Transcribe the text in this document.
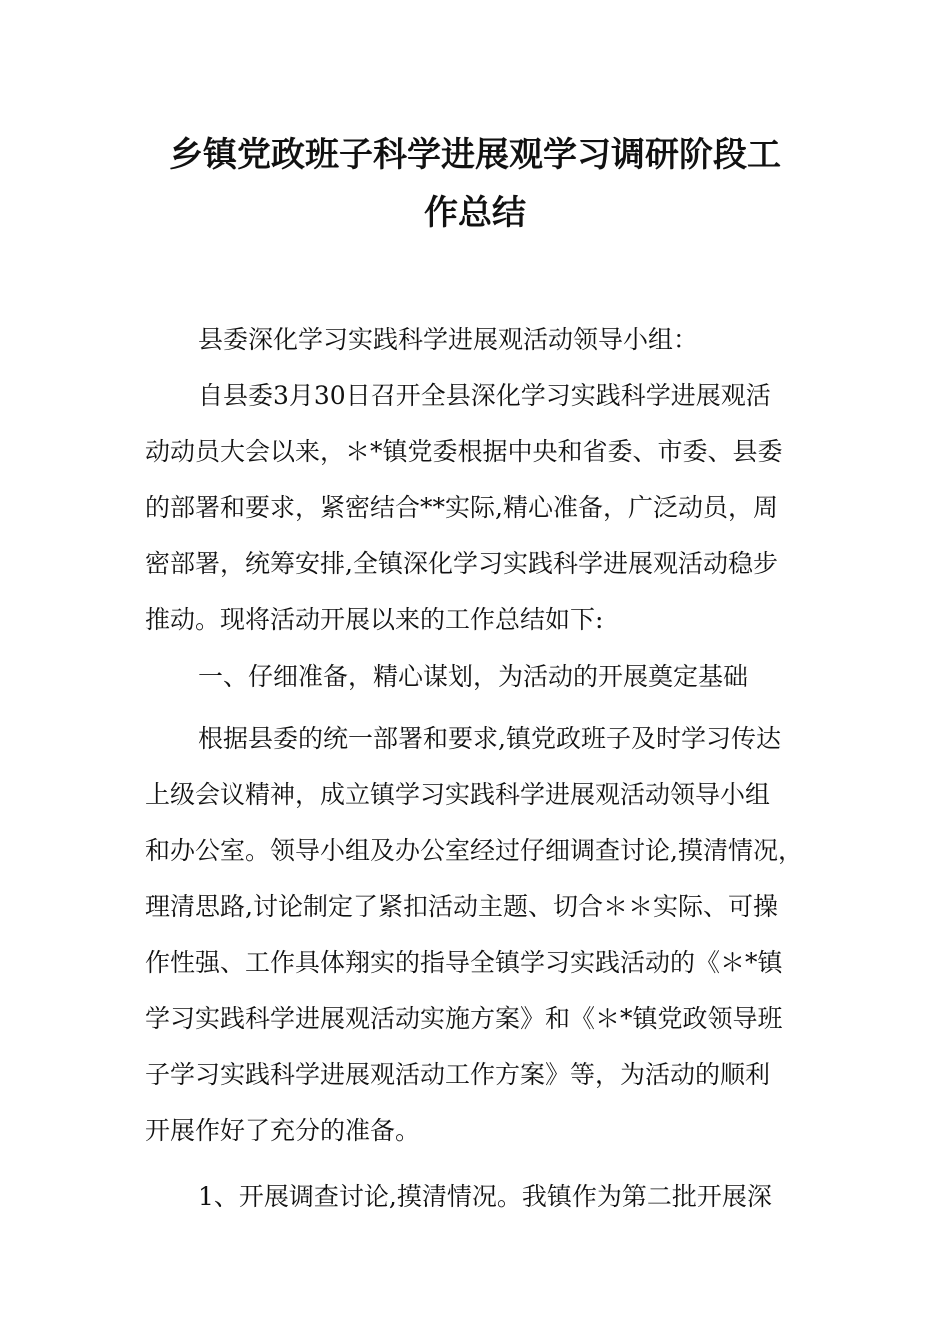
乡镇党政班子科学进展观学习调研阶段工
作总结
县委深化学习实践科学进展观活动领导小组：
自县委3月30日召开全县深化学习实践科学进展观活
动动员大会以来，＊*镇党委根据中央和省委、市委、县委
的部署和要求，紧密结合**实际,精心准备，广泛动员，周
密部署，统筹安排,全镇深化学习实践科学进展观活动稳步
推动。现将活动开展以来的工作总结如下:
一、仔细准备，精心谋划，为活动的开展奠定基础
根据县委的统一部署和要求,镇党政班子及时学习传达
上级会议精神，成立镇学习实践科学进展观活动领导小组
和办公室。领导小组及办公室经过仔细调查讨论,摸清情况，
理清思路,讨论制定了紧扣活动主题、切合＊＊实际、可操
作性强、工作具体翔实的指导全镇学习实践活动的《＊*镇
学习实践科学进展观活动实施方案》和《＊*镇党政领导班
子学习实践科学进展观活动工作方案》等，为活动的顺利
开展作好了充分的准备。
1、开展调查讨论,摸清情况。我镇作为第二批开展深
